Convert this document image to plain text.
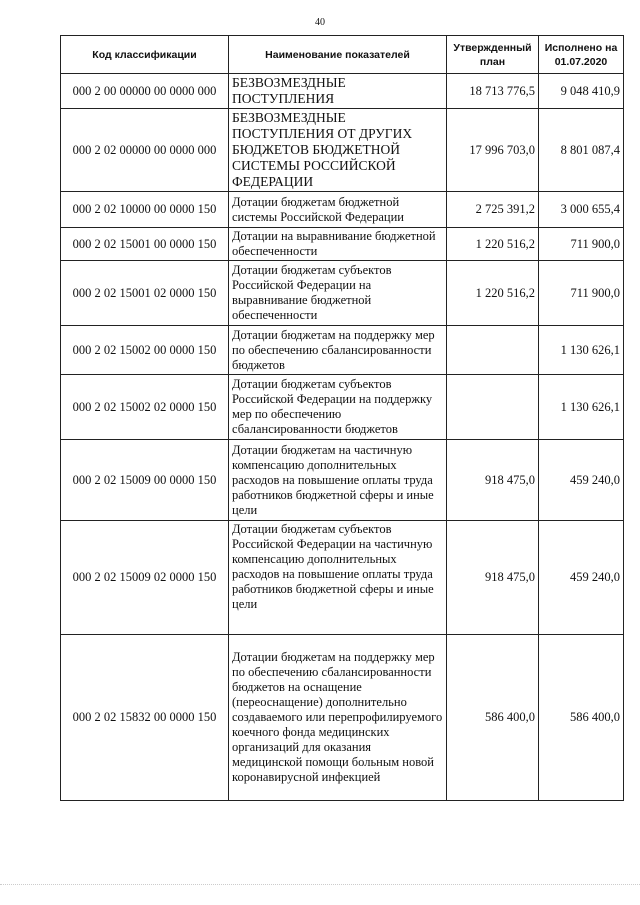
40
Код классификации	Наименование показателей	Утвержденный план	Исполнено на 01.07.2020
000 2 00 00000 00 0000 000	БЕЗВОЗМЕЗДНЫЕ ПОСТУПЛЕНИЯ	18 713 776,5	9 048 410,9
000 2 02 00000 00 0000 000	БЕЗВОЗМЕЗДНЫЕ ПОСТУПЛЕНИЯ ОТ ДРУГИХ БЮДЖЕТОВ БЮДЖЕТНОЙ СИСТЕМЫ РОССИЙСКОЙ ФЕДЕРАЦИИ	17 996 703,0	8 801 087,4
000 2 02 10000 00 0000 150	Дотации бюджетам бюджетной системы Российской Федерации	2 725 391,2	3 000 655,4
000 2 02 15001 00 0000 150	Дотации на выравнивание бюджетной обеспеченности	1 220 516,2	711 900,0
000 2 02 15001 02 0000 150	Дотации бюджетам субъектов Российской Федерации на выравнивание бюджетной обеспеченности	1 220 516,2	711 900,0
000 2 02 15002 00 0000 150	Дотации бюджетам на поддержку мер по обеспечению сбалансированности бюджетов		1 130 626,1
000 2 02 15002 02 0000 150	Дотации бюджетам субъектов Российской Федерации на поддержку мер по обеспечению сбалансированности бюджетов		1 130 626,1
000 2 02 15009 00 0000 150	Дотации бюджетам на частичную компенсацию дополнительных расходов на повышение оплаты труда работников бюджетной сферы и иные цели	918 475,0	459 240,0
000 2 02 15009 02 0000 150	Дотации бюджетам субъектов Российской Федерации на частичную компенсацию дополнительных расходов на повышение оплаты труда работников бюджетной сферы и иные цели	918 475,0	459 240,0
000 2 02 15832 00 0000 150	Дотации бюджетам на поддержку мер по обеспечению сбалансированности бюджетов на оснащение (переоснащение) дополнительно создаваемого или перепрофилируемого коечного фонда медицинских организаций для оказания медицинской помощи больным новой коронавирусной инфекцией	586 400,0	586 400,0
